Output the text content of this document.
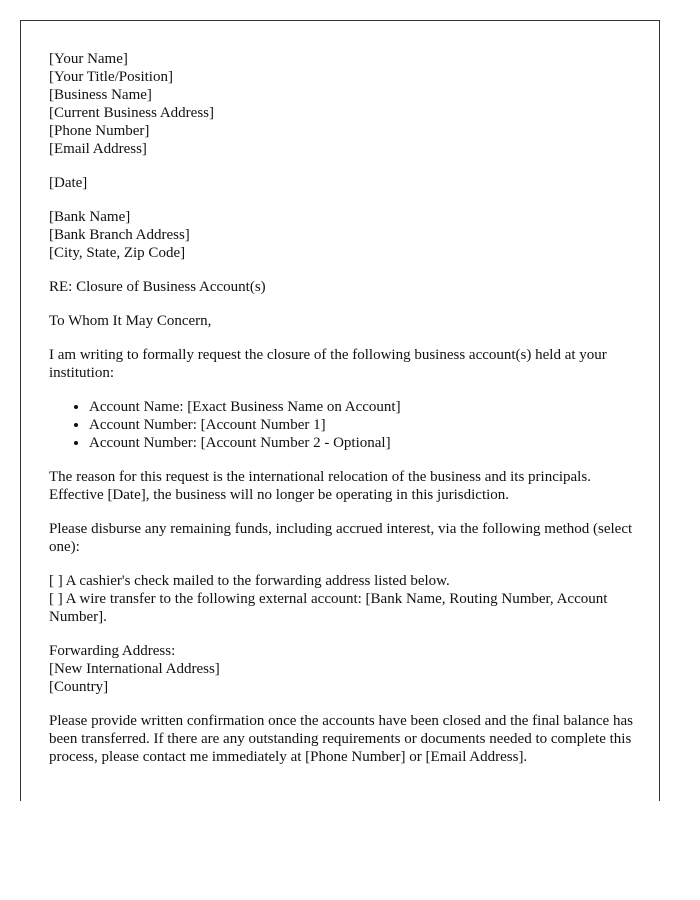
[Your Name]
[Your Title/Position]
[Business Name]
[Current Business Address]
[Phone Number]
[Email Address]
[Date]
[Bank Name]
[Bank Branch Address]
[City, State, Zip Code]

RE: Closure of Business Account(s)

To Whom It May Concern,

I am writing to formally request the closure of the following business account(s) held at your institution:

• Account Name: [Exact Business Name on Account]
• Account Number: [Account Number 1]
• Account Number: [Account Number 2 - Optional]

The reason for this request is the international relocation of the business and its principals. Effective [Date], the business will no longer be operating in this jurisdiction.

Please disburse any remaining funds, including accrued interest, via the following method (select one):

[ ] A cashier's check mailed to the forwarding address listed below.
[ ] A wire transfer to the following external account: [Bank Name, Routing Number, Account Number].
Forwarding Address:
[New International Address]
[Country]

Please provide written confirmation once the accounts have been closed and the final balance has been transferred. If there are any outstanding requirements or documents needed to complete this process, please contact me immediately at [Phone Number] or [Email Address].
